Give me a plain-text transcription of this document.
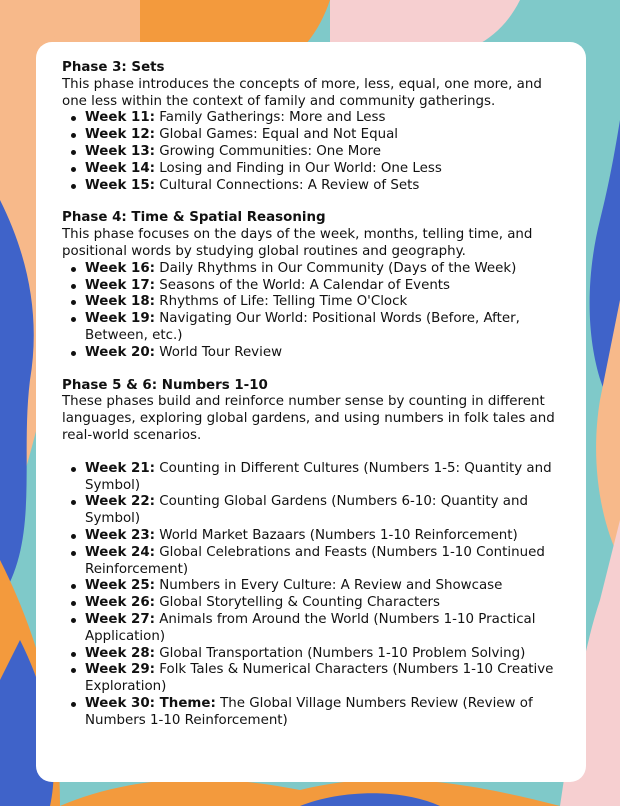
Phase 3: Sets

This phase introduces the concepts of more, less, equal, one more, and one less within the context of family and community gatherings.

Week 11: Family Gatherings: More and Less
Week 12: Global Games: Equal and Not Equal
Week 13: Growing Communities: One More
Week 14: Losing and Finding in Our World: One Less
Week 15: Cultural Connections: A Review of Sets
Phase 4: Time & Spatial Reasoning

This phase focuses on the days of the week, months, telling time, and positional words by studying global routines and geography.

Week 16: Daily Rhythms in Our Community (Days of the Week)
Week 17: Seasons of the World: A Calendar of Events
Week 18: Rhythms of Life: Telling Time O'Clock
Week 19: Navigating Our World: Positional Words (Before, After, Between, etc.)
Week 20: World Tour Review
Phase 5 & 6: Numbers 1-10

These phases build and reinforce number sense by counting in different languages, exploring global gardens, and using numbers in folk tales and real-world scenarios.

Week 21: Counting in Different Cultures (Numbers 1-5: Quantity and Symbol)
Week 22: Counting Global Gardens (Numbers 6-10: Quantity and Symbol)
Week 23: World Market Bazaars (Numbers 1-10 Reinforcement)
Week 24: Global Celebrations and Feasts (Numbers 1-10 Continued Reinforcement)
Week 25: Numbers in Every Culture: A Review and Showcase
Week 26: Global Storytelling & Counting Characters
Week 27: Animals from Around the World (Numbers 1-10 Practical Application)
Week 28: Global Transportation (Numbers 1-10 Problem Solving)
Week 29: Folk Tales & Numerical Characters (Numbers 1-10 Creative Exploration)
Week 30: Theme: The Global Village Numbers Review (Review of Numbers 1-10 Reinforcement)
